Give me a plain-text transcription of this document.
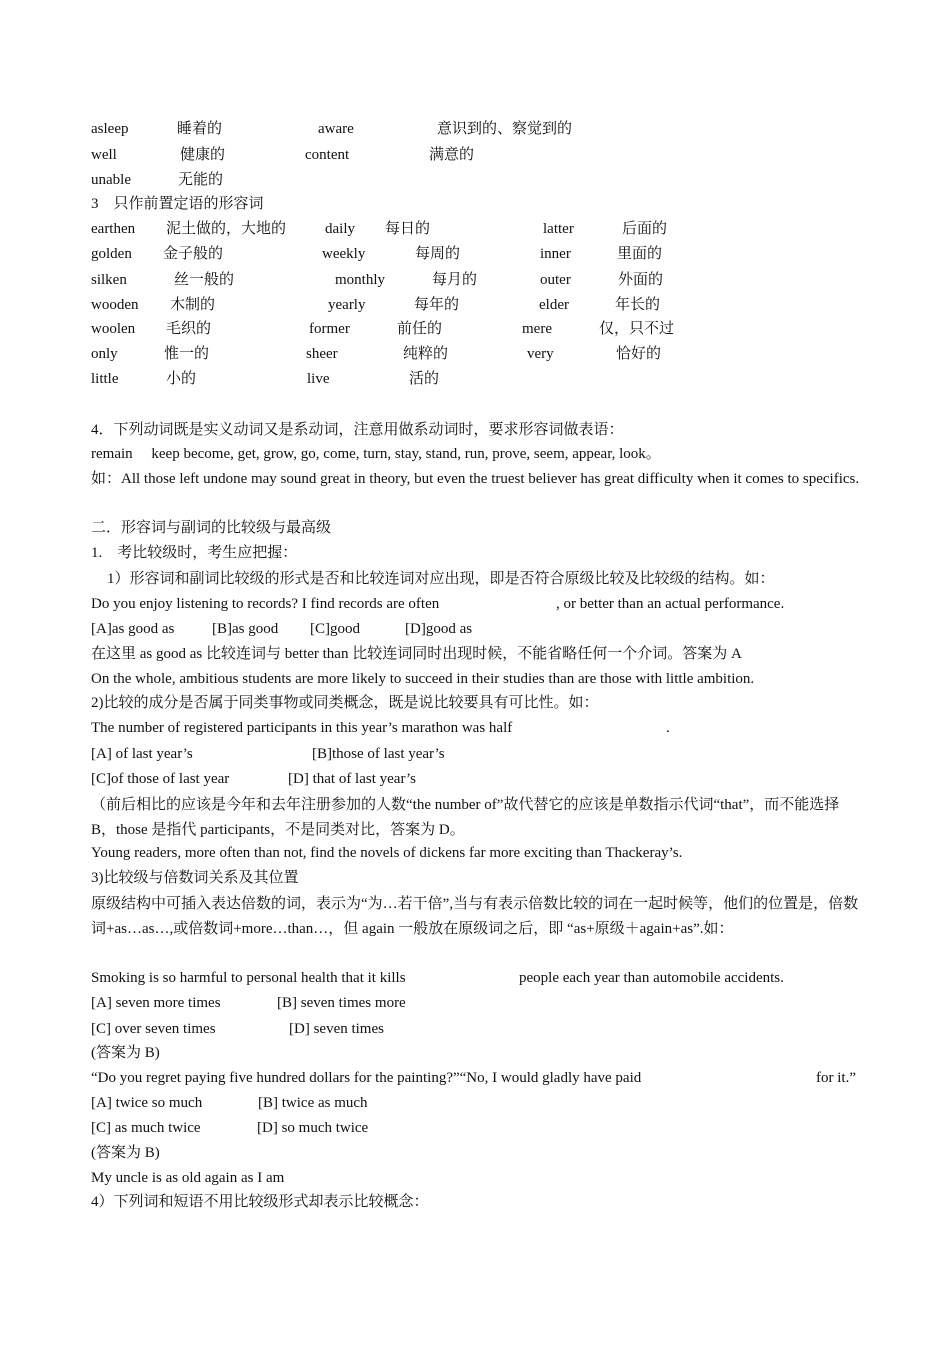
asleep	睡着的	aware	意识到的、察觉到的
well	健康的	content	满意的
unable	无能的
3　只作前置定语的形容词
earthen 泥土做的，大地的	daily 每日的	latter	后面的
golden 金子般的	weekly	每周的	inner	里面的
silken	丝一般的	monthly	每月的	outer	外面的
wooden 木制的	yearly	每年的	elder	年长的
woolen 毛织的	former	前任的	mere	仅，只不过
only	惟一的	sheer	纯粹的	very	恰好的
little	小的	live	活的
4．下列动词既是实义动词又是系动词，注意用做系动词时，要求形容词做表语：
remain　 keep become, get, grow, go, come, turn, stay, stand, run, prove, seem, appear, look。
如：All those left undone may sound great in theory, but even the truest believer has great difficulty when it comes to specifics.
二．形容词与副词的比较级与最高级
1.　考比较级时，考生应把握：
1）形容词和副词比较级的形式是否和比较连词对应出现，即是否符合原级比较及比较级的结构。如：
Do you enjoy listening to records? I find records are often	, or better than an actual performance.
[A]as good as	[B]as good [C]good	[D]good as
在这里 as good as 比较连词与 better than 比较连词同时出现时候，不能省略任何一个介词。答案为 A
On the whole, ambitious students are more likely to succeed in their studies than are those with little ambition.
2)比较的成分是否属于同类事物或同类概念，既是说比较要具有可比性。如：
The number of registered participants in this year’s marathon was half	.
[A] of last year’s	[B]those of last year’s
[C]of those of last year	[D] that of last year’s
（前后相比的应该是今年和去年注册参加的人数“the number of”故代替它的应该是单数指示代词“that”，而不能选择 B，those 是指代 participants，不是同类对比，答案为 D。
Young readers, more often than not, find the novels of dickens far more exciting than Thackeray’s.
3)比较级与倍数词关系及其位置
原级结构中可插入表达倍数的词，表示为“为…若干倍”,当与有表示倍数比较的词在一起时候等，他们的位置是，倍数词+as…as…,或倍数词+more…than…，但 again 一般放在原级词之后，即 “as+原级＋again+as”.如：
Smoking is so harmful to personal health that it kills	people each year than automobile accidents.
[A] seven more times	[B] seven times more
[C] over seven times	[D] seven times
(答案为 B)
“Do you regret paying five hundred dollars for the painting?”“No, I would gladly have paid	for it.”
[A] twice so much	[B] twice as much
[C] as much twice	[D] so much twice
(答案为 B)
My uncle is as old again as I am
4）下列词和短语不用比较级形式却表示比较概念：
